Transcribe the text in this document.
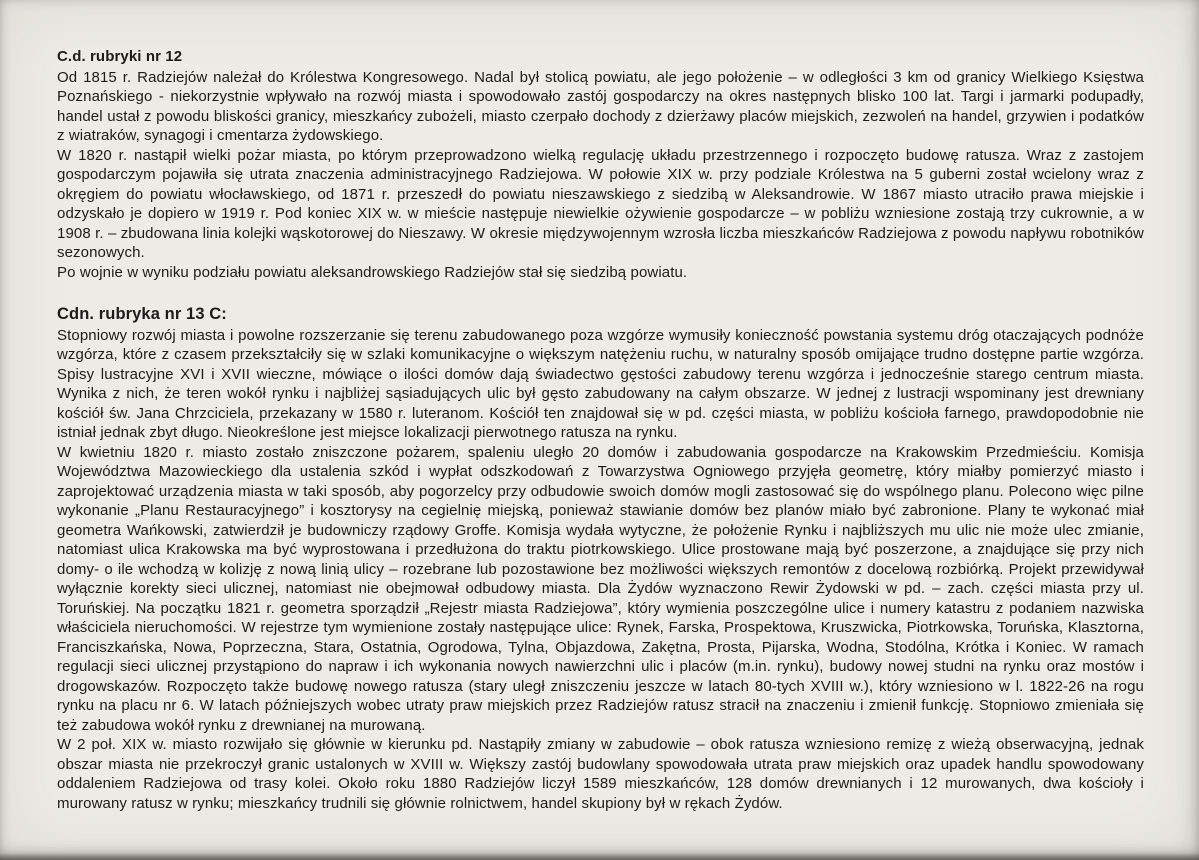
C.d. rubryki nr 12

Od 1815 r. Radziejów należał do Królestwa Kongresowego. Nadal był stolicą powiatu, ale jego położenie – w odległości 3 km od granicy Wielkiego Księstwa Poznańskiego - niekorzystnie wpływało na rozwój miasta i spowodowało zastój gospodarczy na okres następnych blisko 100 lat. Targi i jarmarki podupadły, handel ustał z powodu bliskości granicy, mieszkańcy zubożeli, miasto czerpało dochody z dzierżawy placów miejskich, zezwoleń na handel, grzywien i podatków z wiatraków, synagogi i cmentarza żydowskiego.

W 1820 r. nastąpił wielki pożar miasta, po którym przeprowadzono wielką regulację układu przestrzennego i rozpoczęto budowę ratusza. Wraz z zastojem gospodarczym pojawiła się utrata znaczenia administracyjnego Radziejowa. W połowie XIX w. przy podziale Królestwa na 5 guberni został wcielony wraz z okręgiem do powiatu włocławskiego, od 1871 r. przeszedł do powiatu nieszawskiego z siedzibą w Aleksandrowie. W 1867 miasto utraciło prawa miejskie i odzyskało je dopiero w 1919 r. Pod koniec XIX w. w mieście następuje niewielkie ożywienie gospodarcze – w pobliżu wzniesione zostają trzy cukrownie, a w 1908 r. – zbudowana linia kolejki wąskotorowej do Nieszawy. W okresie międzywojennym wzrosła liczba mieszkańców Radziejowa z powodu napływu robotników sezonowych.

Po wojnie w wyniku podziału powiatu aleksandrowskiego Radziejów stał się siedzibą powiatu.

Cdn. rubryka nr 13 C:

Stopniowy rozwój miasta i powolne rozszerzanie się terenu zabudowanego poza wzgórze wymusiły konieczność powstania systemu dróg otaczających podnóże wzgórza, które z czasem przekształciły się w szlaki komunikacyjne o większym natężeniu ruchu, w naturalny sposób omijające trudno dostępne partie wzgórza. Spisy lustracyjne XVI i XVII wieczne, mówiące o ilości domów dają świadectwo gęstości zabudowy terenu wzgórza i jednocześnie starego centrum miasta. Wynika z nich, że teren wokół rynku i najbliżej sąsiadujących ulic był gęsto zabudowany na całym obszarze. W jednej z lustracji wspominany jest drewniany kościół św. Jana Chrzciciela, przekazany w 1580 r. luteranom. Kościół ten znajdował się w pd. części miasta, w pobliżu kościoła farnego, prawdopodobnie nie istniał jednak zbyt długo. Nieokreślone jest miejsce lokalizacji pierwotnego ratusza na rynku.

W kwietniu 1820 r. miasto zostało zniszczone pożarem, spaleniu uległo 20 domów i zabudowania gospodarcze na Krakowskim Przedmieściu. Komisja Województwa Mazowieckiego dla ustalenia szkód i wypłat odszkodowań z Towarzystwa Ogniowego przyjęła geometrę, który miałby pomierzyć miasto i zaprojektować urządzenia miasta w taki sposób, aby pogorzelcy przy odbudowie swoich domów mogli zastosować się do wspólnego planu. Polecono więc pilne wykonanie „Planu Restauracyjnego” i kosztorysy na cegielnię miejską, ponieważ stawianie domów bez planów miało być zabronione. Plany te wykonać miał geometra Wańkowski, zatwierdził je budowniczy rządowy Groffe. Komisja wydała wytyczne, że położenie Rynku i najbliższych mu ulic nie może ulec zmianie, natomiast ulica Krakowska ma być wyprostowana i przedłużona do traktu piotrkowskiego. Ulice prostowane mają być poszerzone, a znajdujące się przy nich domy- o ile wchodzą w kolizję z nową linią ulicy – rozebrane lub pozostawione bez możliwości większych remontów z docelową rozbiórką. Projekt przewidywał wyłącznie korekty sieci ulicznej, natomiast nie obejmował odbudowy miasta. Dla Żydów wyznaczono Rewir Żydowski w pd. – zach. części miasta przy ul. Toruńskiej. Na początku 1821 r. geometra sporządził „Rejestr miasta Radziejowa”, który wymienia poszczególne ulice i numery katastru z podaniem nazwiska właściciela nieruchomości. W rejestrze tym wymienione zostały następujące ulice: Rynek, Farska, Prospektowa, Kruszwicka, Piotrkowska, Toruńska, Klasztorna, Franciszkańska, Nowa, Poprzeczna, Stara, Ostatnia, Ogrodowa, Tylna, Objazdowa, Zakętna, Prosta, Pijarska, Wodna, Stodólna, Krótka i Koniec. W ramach regulacji sieci ulicznej przystąpiono do napraw i ich wykonania nowych nawierzchni ulic i placów (m.in. rynku), budowy nowej studni na rynku oraz mostów i drogowskazów. Rozpoczęto także budowę nowego ratusza (stary uległ zniszczeniu jeszcze w latach 80-tych XVIII w.), który wzniesiono w l. 1822-26 na rogu rynku na placu nr 6. W latach późniejszych wobec utraty praw miejskich przez Radziejów ratusz stracił na znaczeniu i zmienił funkcję. Stopniowo zmieniała się też zabudowa wokół rynku z drewnianej na murowaną.

W 2 poł. XIX w. miasto rozwijało się głównie w kierunku pd. Nastąpiły zmiany w zabudowie – obok ratusza wzniesiono remizę z wieżą obserwacyjną, jednak obszar miasta nie przekroczył granic ustalonych w XVIII w. Większy zastój budowlany spowodowała utrata praw miejskich oraz upadek handlu spowodowany oddaleniem Radziejowa od trasy kolei. Około roku 1880 Radziejów liczył 1589 mieszkańców, 128 domów drewnianych i 12 murowanych, dwa kościoły i murowany ratusz w rynku; mieszkańcy trudnili się głównie rolnictwem, handel skupiony był w rękach Żydów.
